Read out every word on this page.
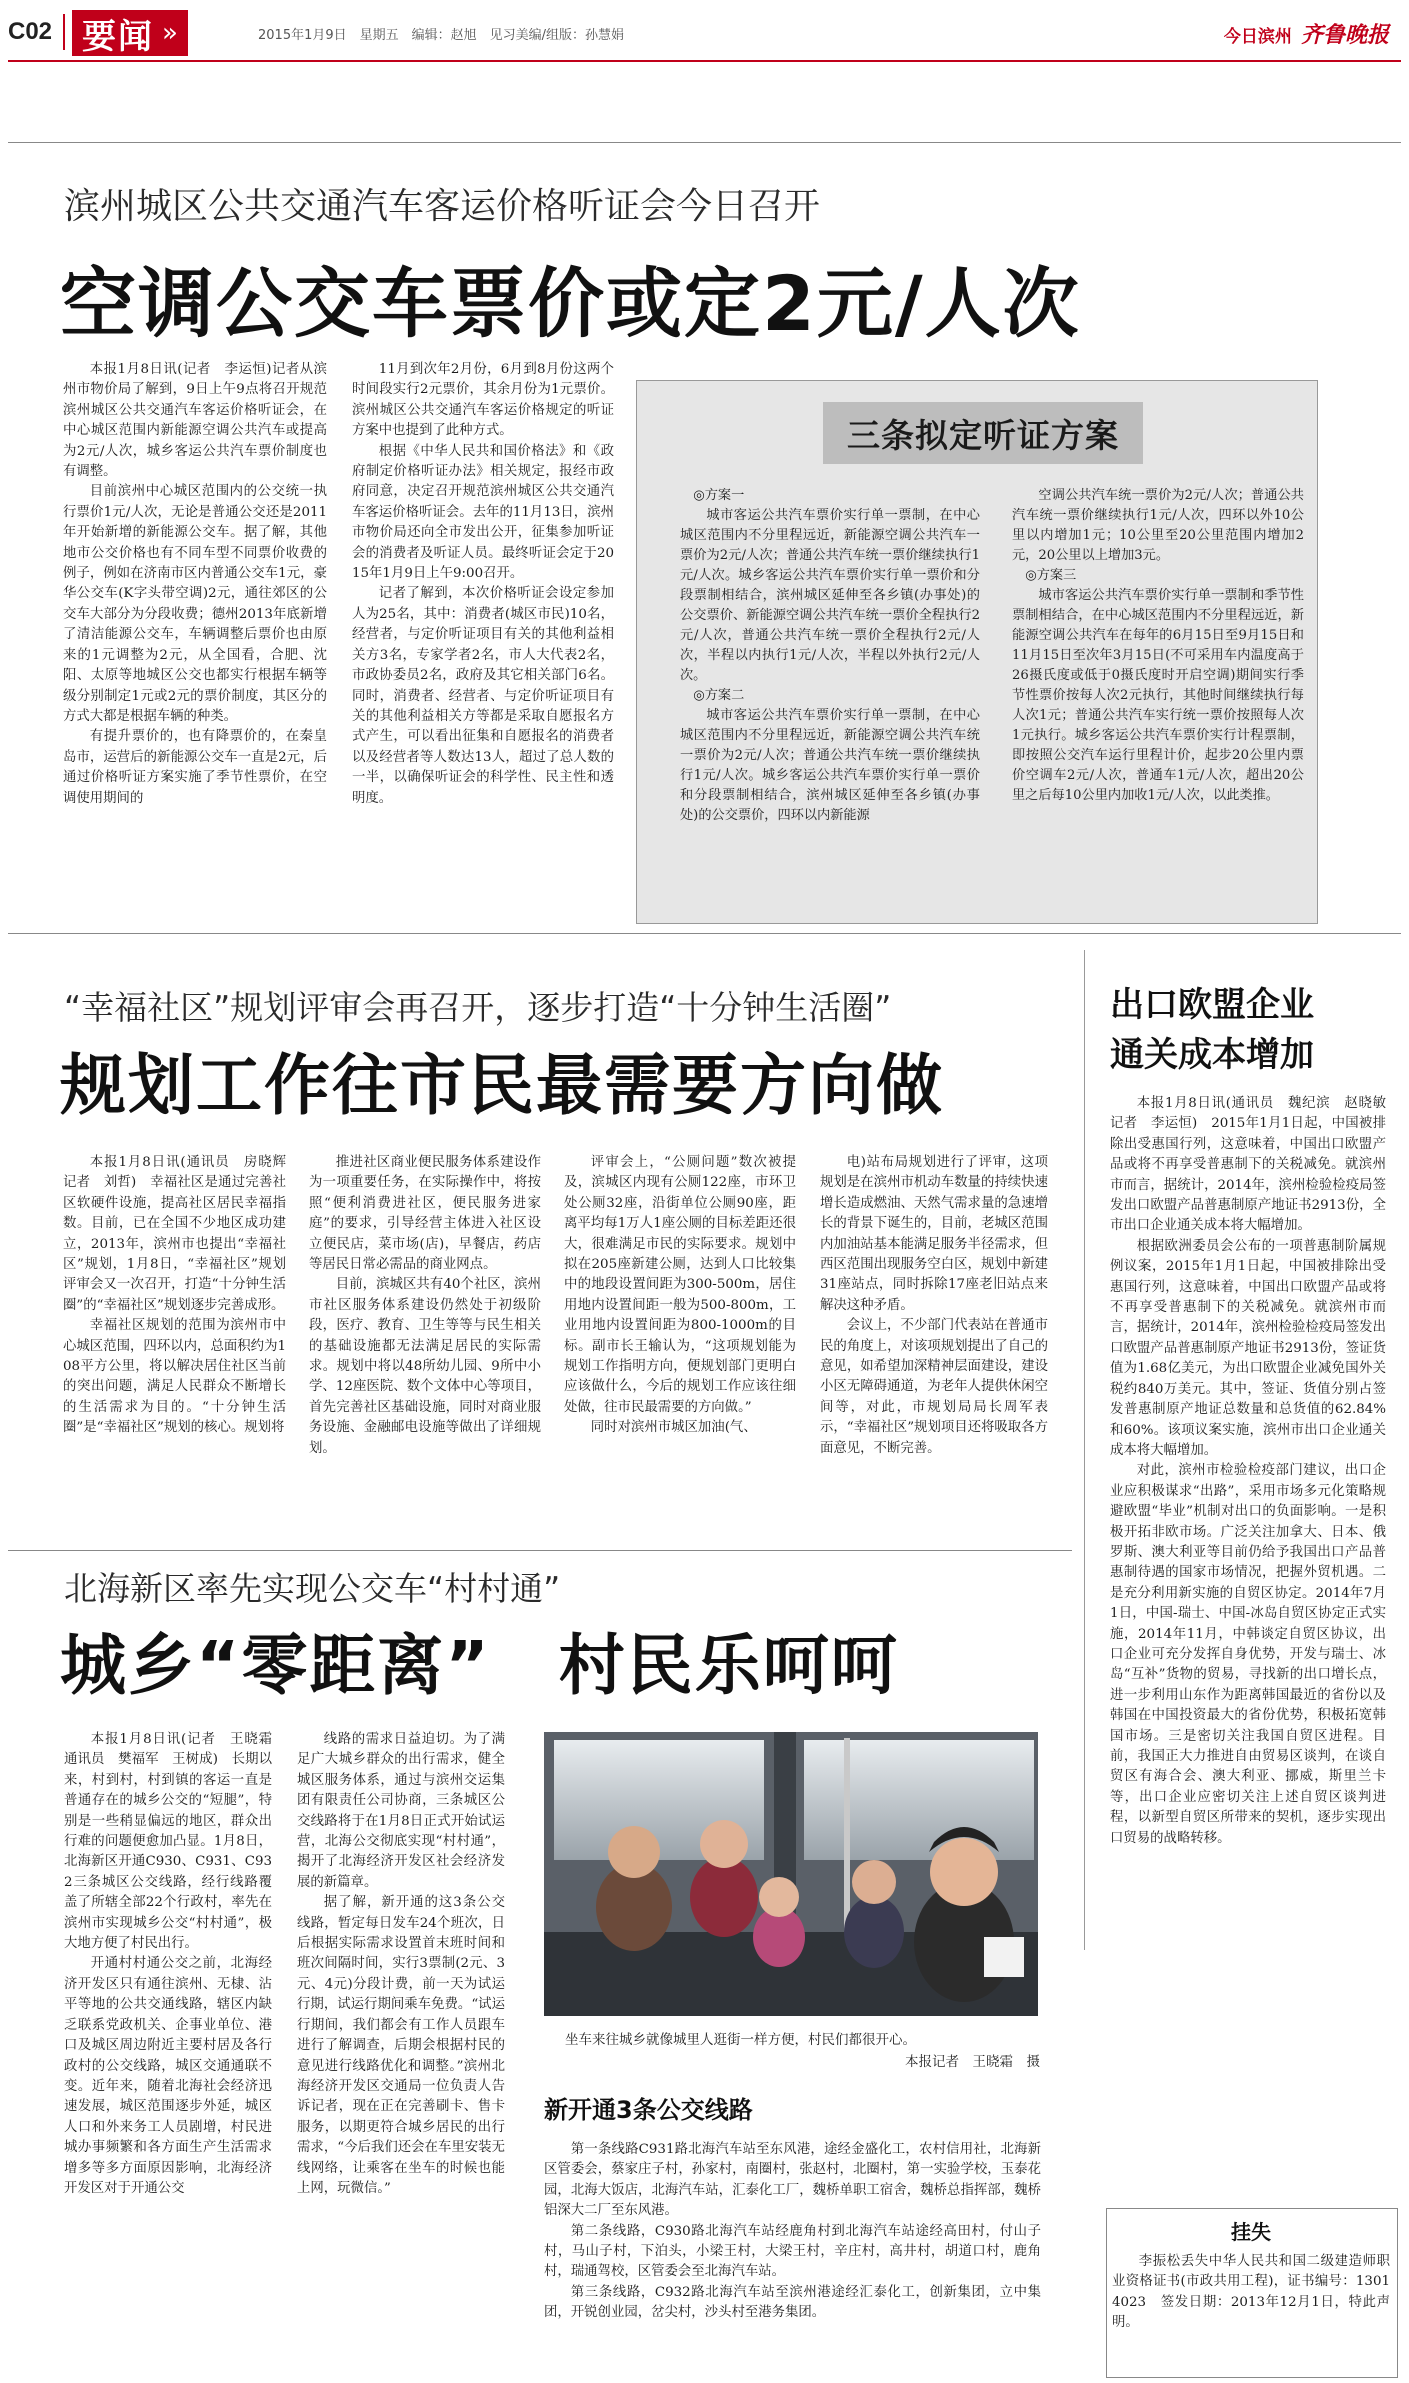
C02 要闻 »	2015年1月9日　星期五　编辑：赵旭　见习美编/组版：孙慧娟	今日滨州 齐鲁晚报
滨州城区公共交通汽车客运价格听证会今日召开
空调公交车票价或定2元/人次

本报1月8日讯(记者　李运恒)记者从滨州市物价局了解到，9日上午9点将召开规范滨州城区公共交通汽车客运价格听证会，在中心城区范围内新能源空调公共汽车或提高为2元/人次，城乡客运公共汽车票价制度也有调整。

目前滨州中心城区范围内的公交统一执行票价1元/人次，无论是普通公交还是2011年开始新增的新能源公交车。据了解，其他地市公交价格也有不同车型不同票价收费的例子，例如在济南市区内普通公交车1元，豪华公交车(K字头带空调)2元，通往郊区的公交车大部分为分段收费；德州2013年底新增了清洁能源公交车，车辆调整后票价也由原来的1元调整为2元，从全国看，合肥、沈阳、太原等地城区公交也都实行根据车辆等级分别制定1元或2元的票价制度，其区分的方式大都是根据车辆的种类。

有提升票价的，也有降票价的，在秦皇岛市，运营后的新能源公交车一直是2元，后通过价格听证方案实施了季节性票价，在空调使用期间的

11月到次年2月份，6月到8月份这两个时间段实行2元票价，其余月份为1元票价。滨州城区公共交通汽车客运价格规定的听证方案中也提到了此种方式。

根据《中华人民共和国价格法》和《政府制定价格听证办法》相关规定，报经市政府同意，决定召开规范滨州城区公共交通汽车客运价格听证会。去年的11月13日，滨州市物价局还向全市发出公开，征集参加听证会的消费者及听证人员。最终听证会定于2015年1月9日上午9:00召开。

记者了解到，本次价格听证会设定参加人为25名，其中：消费者(城区市民)10名，经营者，与定价听证项目有关的其他利益相关方3名，专家学者2名，市人大代表2名，市政协委员2名，政府及其它相关部门6名。同时，消费者、经营者、与定价听证项目有关的其他利益相关方等都是采取自愿报名方式产生，可以看出征集和自愿报名的消费者以及经营者等人数达13人，超过了总人数的一半，以确保听证会的科学性、民主性和透明度。

三条拟定听证方案

◎方案一

城市客运公共汽车票价实行单一票制，在中心城区范围内不分里程远近，新能源空调公共汽车一票价为2元/人次；普通公共汽车统一票价继续执行1元/人次。城乡客运公共汽车票价实行单一票价和分段票制相结合，滨州城区延伸至各乡镇(办事处)的公交票价、新能源空调公共汽车统一票价全程执行2元/人次，普通公共汽车统一票价全程执行2元/人次，半程以内执行1元/人次，半程以外执行2元/人次。

◎方案二

城市客运公共汽车票价实行单一票制，在中心城区范围内不分里程远近，新能源空调公共汽车统一票价为2元/人次；普通公共汽车统一票价继续执行1元/人次。城乡客运公共汽车票价实行单一票价和分段票制相结合，滨州城区延伸至各乡镇(办事处)的公交票价，四环以内新能源

空调公共汽车统一票价为2元/人次；普通公共汽车统一票价继续执行1元/人次，四环以外10公里以内增加1元；10公里至20公里范围内增加2元，20公里以上增加3元。

◎方案三

城市客运公共汽车票价实行单一票制和季节性票制相结合，在中心城区范围内不分里程远近，新能源空调公共汽车在每年的6月15日至9月15日和11月15日至次年3月15日(不可采用车内温度高于26摄氏度或低于0摄氏度时开启空调)期间实行季节性票价按每人次2元执行，其他时间继续执行每人次1元；普通公共汽车实行统一票价按照每人次1元执行。城乡客运公共汽车票价实行计程票制，即按照公交汽车运行里程计价，起步20公里内票价空调车2元/人次，普通车1元/人次，超出20公里之后每10公里内加收1元/人次，以此类推。

“幸福社区”规划评审会再召开，逐步打造“十分钟生活圈”
规划工作往市民最需要方向做

本报1月8日讯(通讯员　房晓辉　记者　刘哲)　幸福社区是通过完善社区软硬件设施，提高社区居民幸福指数。目前，已在全国不少地区成功建立，2013年，滨州市也提出“幸福社区”规划，1月8日，“幸福社区”规划评审会又一次召开，打造“十分钟生活圈”的“幸福社区”规划逐步完善成形。

幸福社区规划的范围为滨州市中心城区范围，四环以内，总面积约为108平方公里，将以解决居住社区当前的突出问题，满足人民群众不断增长的生活需求为目的。“十分钟生活圈”是“幸福社区”规划的核心。规划将

推进社区商业便民服务体系建设作为一项重要任务，在实际操作中，将按照“便利消费进社区，便民服务进家庭”的要求，引导经营主体进入社区设立便民店，菜市场(店)，早餐店，药店等居民日常必需品的商业网点。

目前，滨城区共有40个社区，滨州市社区服务体系建设仍然处于初级阶段，医疗、教育、卫生等等与民生相关的基础设施都无法满足居民的实际需求。规划中将以48所幼儿园、9所中小学、12座医院、数个文体中心等项目，首先完善社区基础设施，同时对商业服务设施、金融邮电设施等做出了详细规划。

评审会上，“公厕问题”数次被提及，滨城区内现有公厕122座，市环卫处公厕32座，沿街单位公厕90座，距离平均每1万人1座公厕的目标差距还很大，很难满足市民的实际要求。规划中拟在205座新建公厕，达到人口比较集中的地段设置间距为300-500m，居住用地内设置间距一般为500-800m，工业用地内设置间距为800-1000m的目标。副市长王输认为，“这项规划能为规划工作指明方向，便规划部门更明白应该做什么，今后的规划工作应该往细处做，往市民最需要的方向做。”

同时对滨州市城区加油(气、

电)站布局规划进行了评审，这项规划是在滨州市机动车数量的持续快速增长造成燃油、天然气需求量的急速增长的背景下诞生的，目前，老城区范围内加油站基本能满足服务半径需求，但西区范围出现服务空白区，规划中新建31座站点，同时拆除17座老旧站点来解决这种矛盾。

会议上，不少部门代表站在普通市民的角度上，对该项规划提出了自己的意见，如希望加深精神层面建设，建设小区无障碍通道，为老年人提供休闲空间等，对此，市规划局局长周军表示，“幸福社区”规划项目还将吸取各方面意见，不断完善。

出口欧盟企业
通关成本增加

本报1月8日讯(通讯员　魏纪滨　赵晓敏　记者　李运恒)　2015年1月1日起，中国被排除出受惠国行列，这意味着，中国出口欧盟产品或将不再享受普惠制下的关税减免。就滨州市而言，据统计，2014年，滨州检验检疫局签发出口欧盟产品普惠制原产地证书2913份，全市出口企业通关成本将大幅增加。

根据欧洲委员会公布的一项普惠制阶属规例议案，2015年1月1日起，中国被排除出受惠国行列，这意味着，中国出口欧盟产品或将不再享受普惠制下的关税减免。就滨州市而言，据统计，2014年，滨州检验检疫局签发出口欧盟产品普惠制原产地证书2913份，签证货值为1.68亿美元，为出口欧盟企业减免国外关税约840万美元。其中，签证、货值分别占签发普惠制原产地证总数量和总货值的62.84%和60%。该项议案实施，滨州市出口企业通关成本将大幅增加。

对此，滨州市检验检疫部门建议，出口企业应积极谋求“出路”，采用市场多元化策略规避欧盟“毕业”机制对出口的负面影响。一是积极开拓非欧市场。广泛关注加拿大、日本、俄罗斯、澳大利亚等目前仍给予我国出口产品普惠制待遇的国家市场情况，把握外贸机遇。二是充分利用新实施的自贸区协定。2014年7月1日，中国-瑞士、中国-冰岛自贸区协定正式实施，2014年11月，中韩谈定自贸区协议，出口企业可充分发挥自身优势，开发与瑞士、冰岛“互补”货物的贸易，寻找新的出口增长点，进一步利用山东作为距离韩国最近的省份以及韩国在中国投资最大的省份优势，积极拓宽韩国市场。三是密切关注我国自贸区进程。目前，我国正大力推进自由贸易区谈判，在谈自贸区有海合会、澳大利亚、挪威，斯里兰卡等，出口企业应密切关注上述自贸区谈判进程，以新型自贸区所带来的契机，逐步实现出口贸易的战略转移。

北海新区率先实现公交车“村村通”
城乡“零距离”　村民乐呵呵

本报1月8日讯(记者　王晓霜　通讯员　樊福军　王树成)　长期以来，村到村，村到镇的客运一直是普通存在的城乡公交的“短腿”，特别是一些稍显偏远的地区，群众出行难的问题便愈加凸显。1月8日，北海新区开通C930、C931、C932三条城区公交线路，经行线路覆盖了所辖全部22个行政村，率先在滨州市实现城乡公交“村村通”，极大地方便了村民出行。

开通村村通公交之前，北海经济开发区只有通往滨州、无棣、沾平等地的公共交通线路，辖区内缺乏联系党政机关、企事业单位、港口及城区周边附近主要村居及各行政村的公交线路，城区交通通联不变。近年来，随着北海社会经济迅速发展，城区范围逐步外延，城区人口和外来务工人员剧增，村民进城办事频繁和各方面生产生活需求增多等多方面原因影响，北海经济开发区对于开通公交

线路的需求日益迫切。为了满足广大城乡群众的出行需求，健全城区服务体系，通过与滨州交运集团有限责任公司协商，三条城区公交线路将于在1月8日正式开始试运营，北海公交彻底实现“村村通”，揭开了北海经济开发区社会经济发展的新篇章。

据了解，新开通的这3条公交线路，暂定每日发车24个班次，日后根据实际需求设置首末班时间和班次间隔时间，实行3票制(2元、3元、4元)分段计费，前一天为试运行期，试运行期间乘车免费。“试运行期间，我们都会有工作人员跟车进行了解调查，后期会根据村民的意见进行线路优化和调整。”滨州北海经济开发区交通局一位负责人告诉记者，现在正在完善刷卡、售卡服务，以期更符合城乡居民的出行需求，“今后我们还会在车里安装无线网络，让乘客在坐车的时候也能上网，玩微信。”

坐车来往城乡就像城里人逛街一样方便，村民们都很开心。
本报记者　王晓霜　摄
新开通3条公交线路

第一条线路C931路北海汽车站至东风港，途经金盛化工，农村信用社，北海新区管委会，蔡家庄子村，孙家村，南圈村，张赵村，北圈村，第一实验学校，玉泰花园，北海大饭店，北海汽车站，汇泰化工厂，魏桥单职工宿舍，魏桥总指挥部，魏桥铝深大二厂至东风港。

第二条线路，C930路北海汽车站经鹿角村到北海汽车站途经高田村，付山子村，马山子村，下泊头，小梁王村，大梁王村，辛庄村，高井村，胡道口村，鹿角村，瑞通驾校，区管委会至北海汽车站。

第三条线路，C932路北海汽车站至滨州港途经汇泰化工，创新集团，立中集团，开锐创业园，岔尖村，沙头村至港务集团。

挂失

李振松丢失中华人民共和国二级建造师职业资格证书(市政共用工程)，证书编号：13014023　签发日期：2013年12月1日，特此声明。
